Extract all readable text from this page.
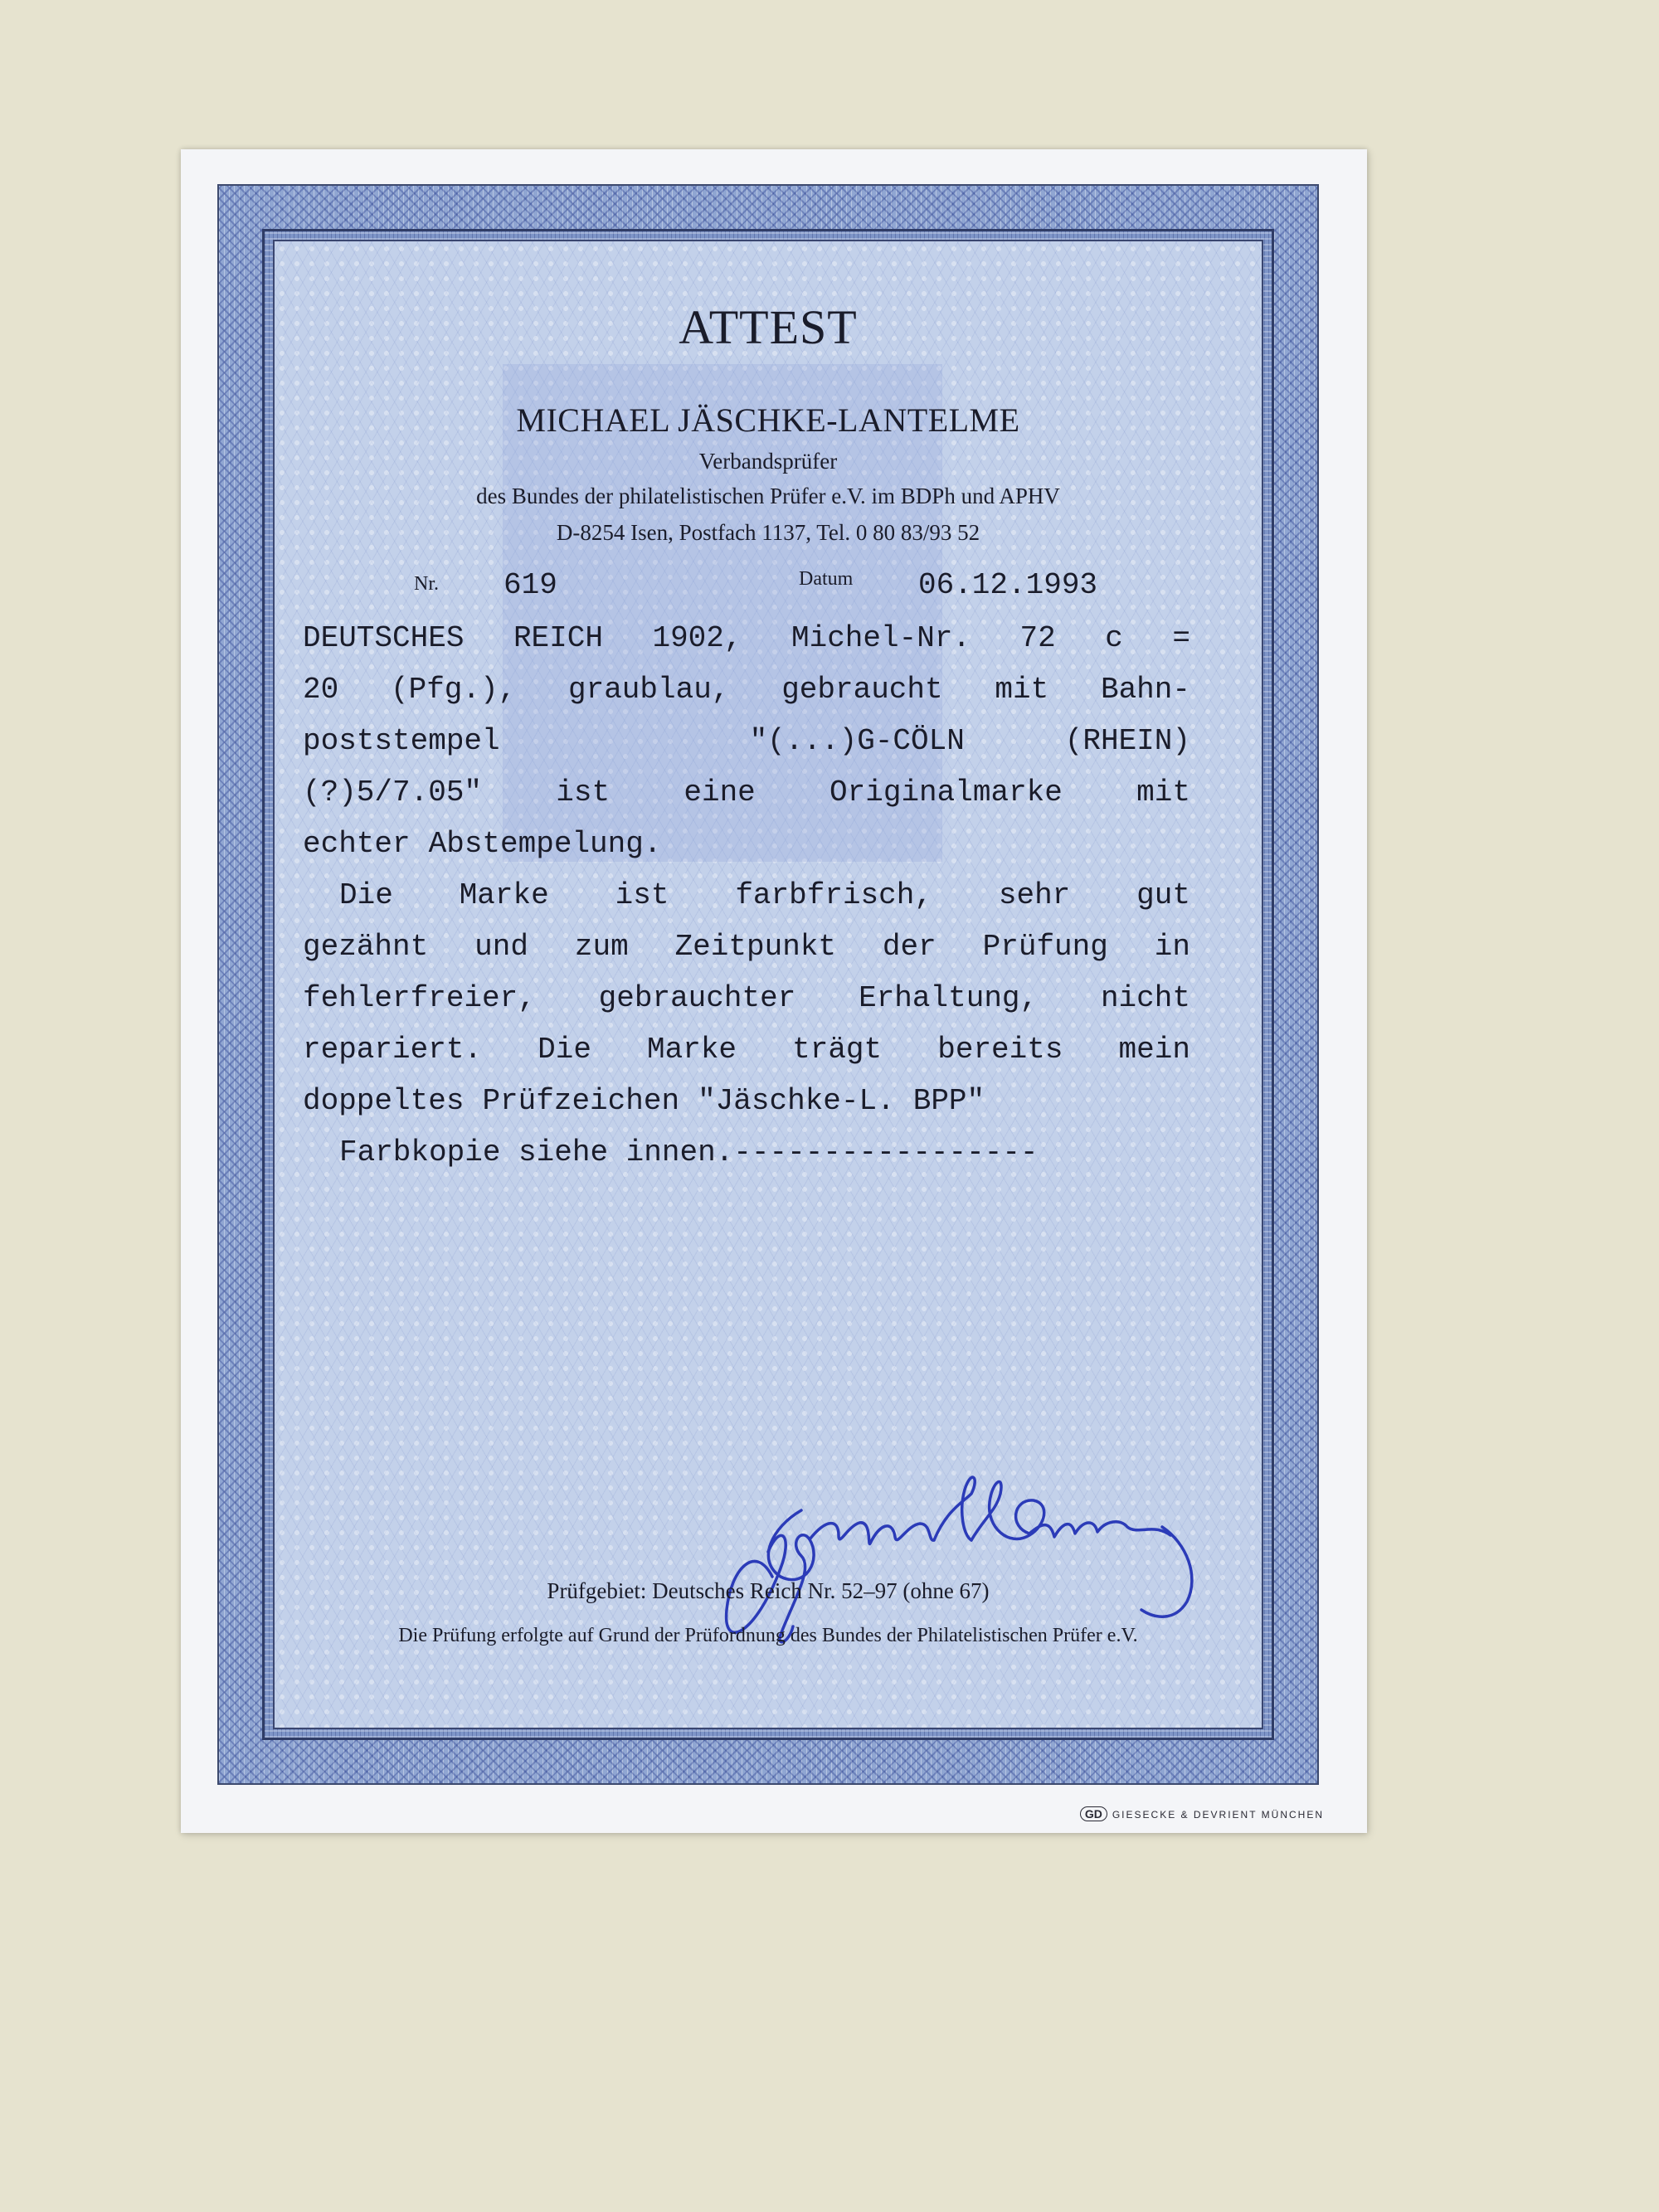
ATTEST
MICHAEL JÄSCHKE-LANTELME
Verbandsprüfer
des Bundes der philatelistischen Prüfer e.V. im BDPh und APHV
D-8254 Isen, Postfach 1137, Tel. 0 80 83/93 52
Nr. 619	Datum 06.12.1993
DEUTSCHES REICH 1902, Michel-Nr. 72 c =
20 (Pfg.), graublau, gebraucht mit Bahn-
poststempel	"(...)G-CÖLN	(RHEIN)
(?)5/7.05" ist eine Originalmarke mit
echter Abstempelung.
Die Marke ist farbfrisch, sehr gut
gezähnt und zum Zeitpunkt der Prüfung in
fehlerfreier, gebrauchter Erhaltung, nicht
repariert. Die Marke trägt bereits mein
doppeltes Prüfzeichen "Jäschke-L. BPP"
Farbkopie siehe innen.-----------------
Prüfgebiet: Deutsches Reich Nr. 52–97 (ohne 67)
Die Prüfung erfolgte auf Grund der Prüfordnung des Bundes der Philatelistischen Prüfer e.V.
GD GIESECKE & DEVRIENT MÜNCHEN
